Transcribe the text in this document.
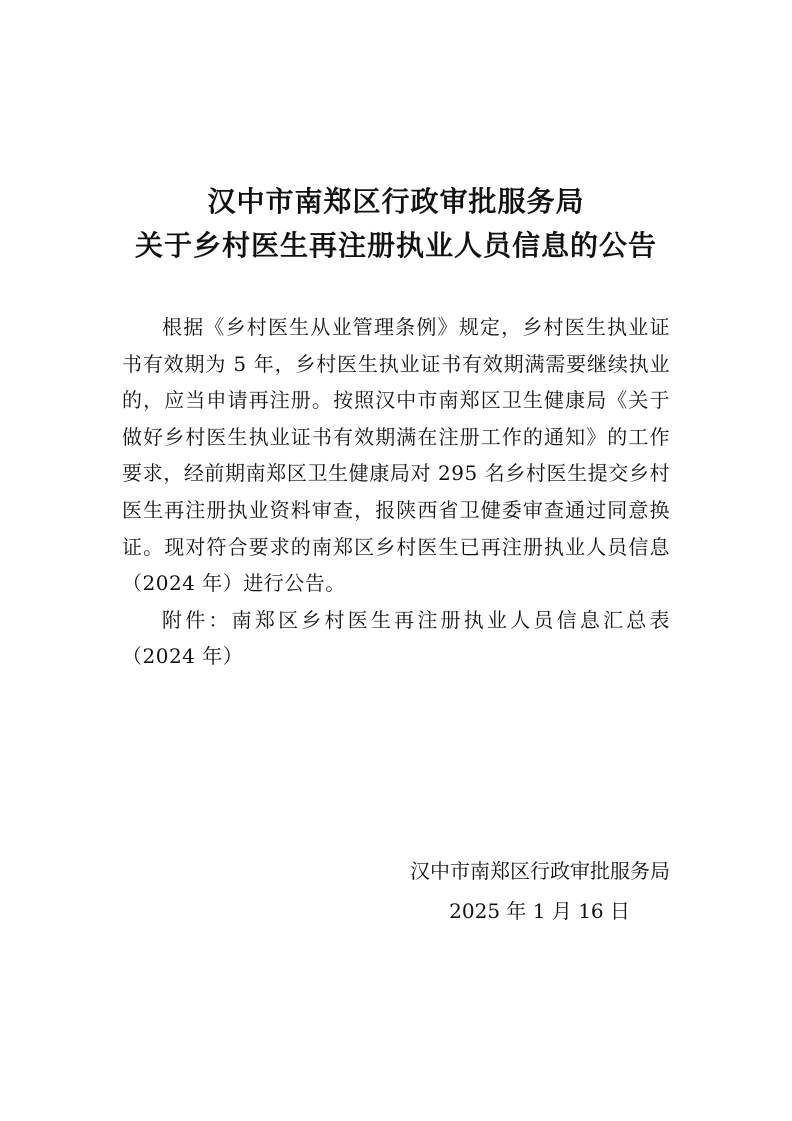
汉中市南郑区行政审批服务局
关于乡村医生再注册执业人员信息的公告

根据《乡村医生从业管理条例》规定，乡村医生执业证书有效期为 5 年，乡村医生执业证书有效期满需要继续执业的，应当申请再注册。按照汉中市南郑区卫生健康局《关于做好乡村医生执业证书有效期满在注册工作的通知》的工作要求，经前期南郑区卫生健康局对 295 名乡村医生提交乡村医生再注册执业资料审查，报陕西省卫健委审查通过同意换证。现对符合要求的南郑区乡村医生已再注册执业人员信息（2024 年）进行公告。

附件：南郑区乡村医生再注册执业人员信息汇总表（2024 年）

汉中市南郑区行政审批服务局
2025 年 1 月 16 日
